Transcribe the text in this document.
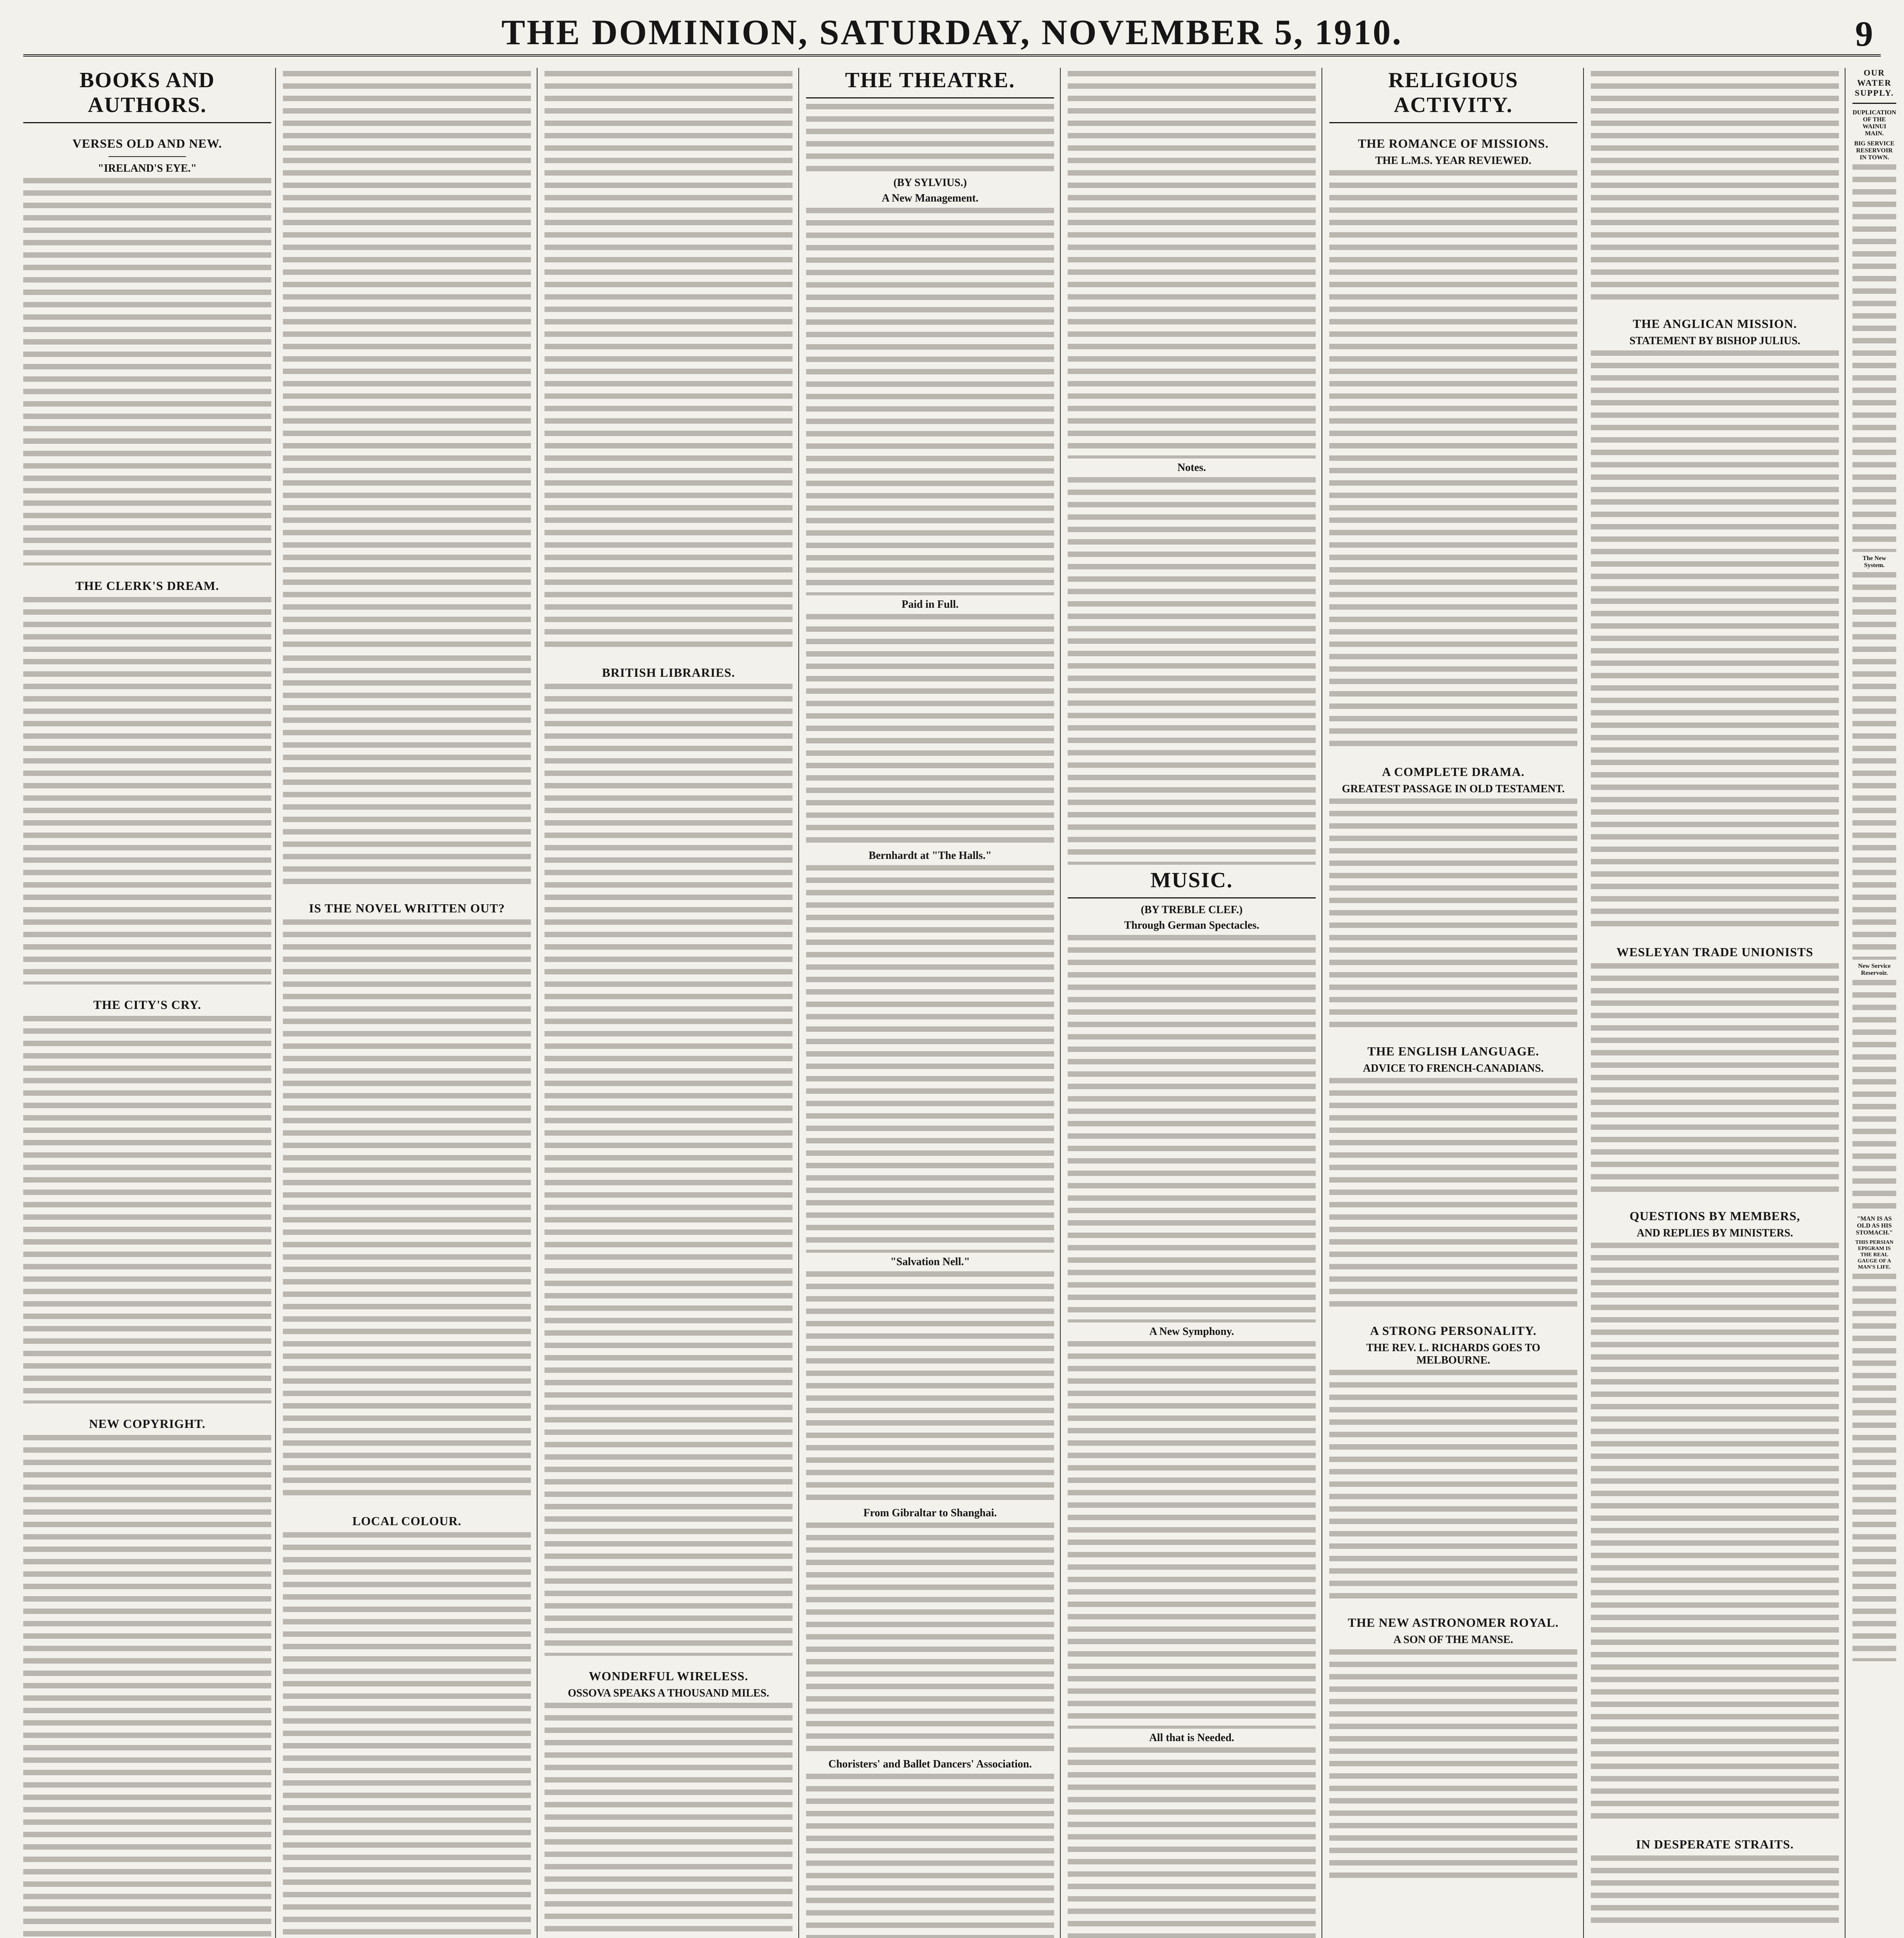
THE DOMINION, SATURDAY, NOVEMBER 5, 1910.	9
BOOKS AND AUTHORS.
VERSES OLD AND NEW.
"IRELAND'S EYE."
THE CLERK'S DREAM.
THE CITY'S CRY.
NEW COPYRIGHT.
IS THE NOVEL WRITTEN OUT?
LOCAL COLOUR.
BRITISH LIBRARIES.
WONDERFUL WIRELESS.
OSSOVA SPEAKS A THOUSAND MILES.
THE THEATRE.
(BY SYLVIUS.)
A New Management.
Paid in Full.
Bernhardt at "The Halls."
"Salvation Nell."
From Gibraltar to Shanghai.
Choristers' and Ballet Dancers' Association.
Notes.
MUSIC.
(BY TREBLE CLEF.)
Through German Spectacles.
A New Symphony.
All that is Needed.
RELIGIOUS ACTIVITY.
THE ROMANCE OF MISSIONS.
THE L.M.S. YEAR REVIEWED.
A COMPLETE DRAMA.
GREATEST PASSAGE IN OLD TESTAMENT.
THE ENGLISH LANGUAGE.
ADVICE TO FRENCH-CANADIANS.
A STRONG PERSONALITY.
THE REV. L. RICHARDS GOES TO MELBOURNE.
THE NEW ASTRONOMER ROYAL.
A SON OF THE MANSE.
THE ANGLICAN MISSION.
STATEMENT BY BISHOP JULIUS.
WESLEYAN TRADE UNIONISTS
QUESTIONS BY MEMBERS,
AND REPLIES BY MINISTERS.
IN DESPERATE STRAITS.
OUR WATER SUPPLY.
DUPLICATION OF THE WAINUI MAIN.
BIG SERVICE RESERVOIR IN TOWN.
The New System.
New Service Reservoir.
"MAN IS AS OLD AS HIS STOMACH."
THIS PERSIAN EPIGRAM IS THE REAL GAUGE OF A MAN'S LIFE.
